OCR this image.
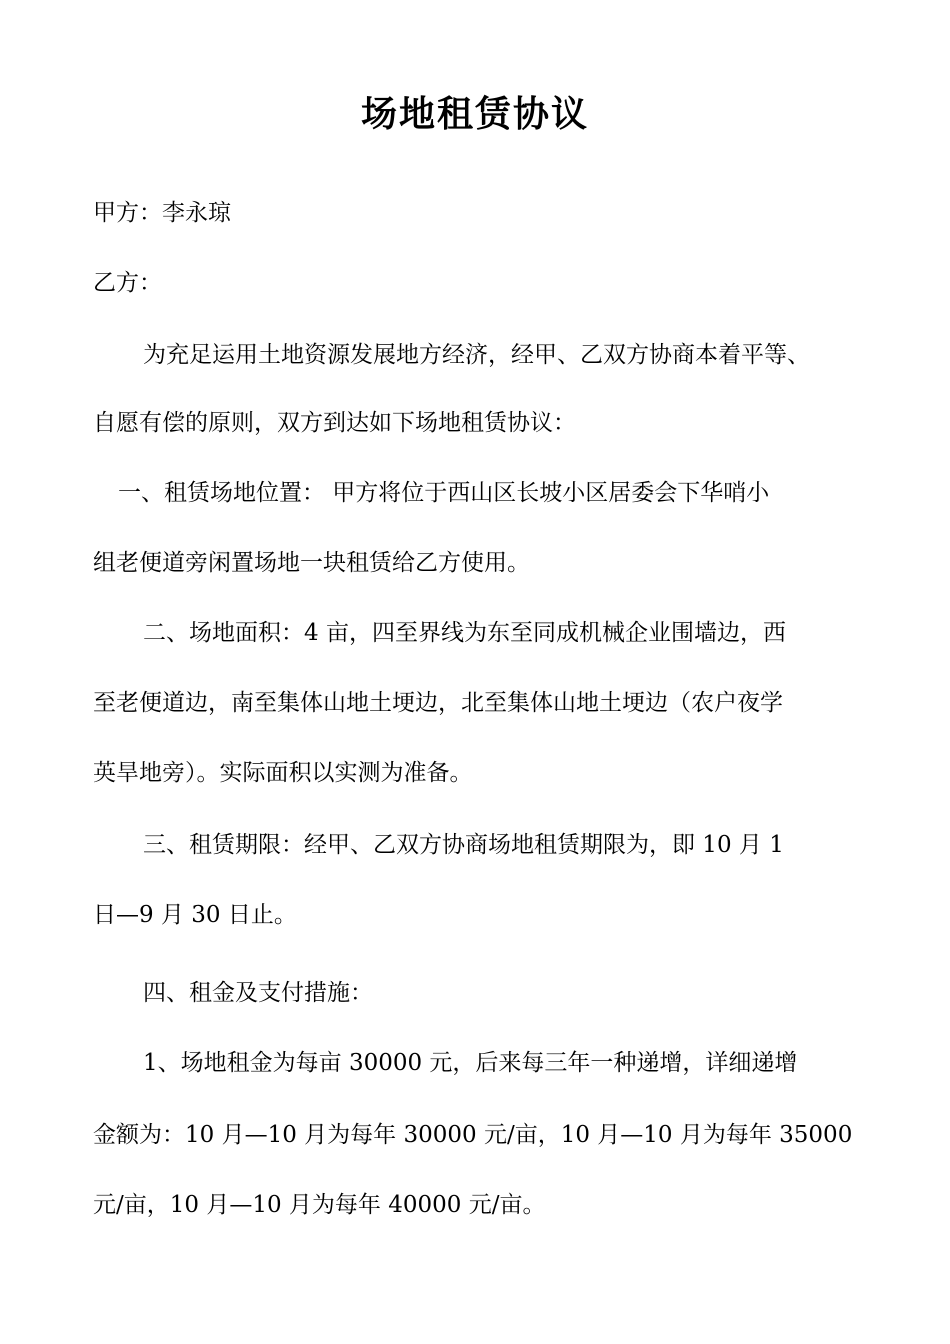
场地租赁协议
甲方：李永琼
乙方：
为充足运用土地资源发展地方经济，经甲、乙双方协商本着平等、
自愿有偿的原则，双方到达如下场地租赁协议：
一、租赁场地位置： 甲方将位于西山区长坡小区居委会下华哨小
组老便道旁闲置场地一块租赁给乙方使用。
二、场地面积：4 亩，四至界线为东至同成机械企业围墙边，西
至老便道边，南至集体山地土埂边，北至集体山地土埂边（农户夜学
英旱地旁）。实际面积以实测为准备。
三、租赁期限：经甲、乙双方协商场地租赁期限为，即 10 月 1
日—9 月 30 日止。
四、租金及支付措施：
1、场地租金为每亩 30000 元，后来每三年一种递增，详细递增
金额为：10 月—10 月为每年 30000 元/亩，10 月—10 月为每年 35000
元/亩，10 月—10 月为每年 40000 元/亩。
